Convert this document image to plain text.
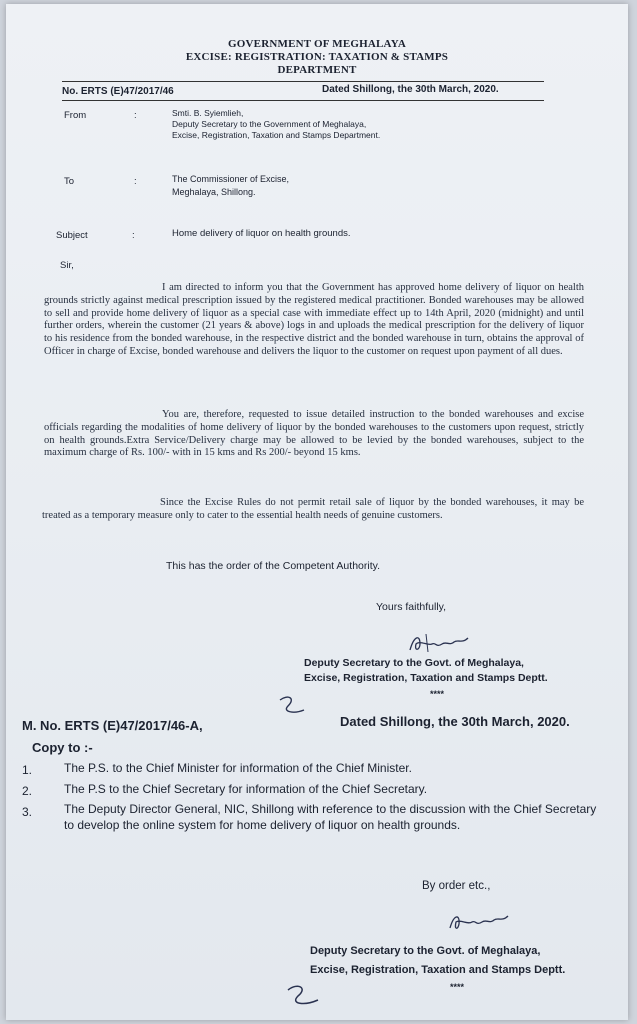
GOVERNMENT OF MEGHALAYA
EXCISE: REGISTRATION: TAXATION & STAMPS
DEPARTMENT
No. ERTS (E)47/2017/46	Dated Shillong, the 30th March, 2020.
From	:	Smti. B. Syiemlieh,
Deputy Secretary to the Government of Meghalaya,
Excise, Registration, Taxation and Stamps Department.
To	:	The Commissioner of Excise,
Meghalaya, Shillong.
Subject	:	Home delivery of liquor on health grounds.
Sir,
I am directed to inform you that the Government has approved home delivery of liquor on health grounds strictly against medical prescription issued by the registered medical practitioner. Bonded warehouses may be allowed to sell and provide home delivery of liquor as a special case with immediate effect up to 14th April, 2020 (midnight) and until further orders, wherein the customer (21 years & above) logs in and uploads the medical prescription for the delivery of liquor to his residence from the bonded warehouse, in the respective district and the bonded warehouse in turn, obtains the approval of Officer in charge of Excise, bonded warehouse and delivers the liquor to the customer on request upon payment of all dues.
You are, therefore, requested to issue detailed instruction to the bonded warehouses and excise officials regarding the modalities of home delivery of liquor by the bonded warehouses to the customers upon request, strictly on health grounds.Extra Service/Delivery charge may be allowed to be levied by the bonded warehouses, subject to the maximum charge of Rs. 100/- with in 15 kms and Rs 200/- beyond 15 kms.
Since the Excise Rules do not permit retail sale of liquor by the bonded warehouses, it may be treated as a temporary measure only to cater to the essential health needs of genuine customers.
This has the order of the Competent Authority.
Yours faithfully,
Deputy Secretary to the Govt. of Meghalaya,
Excise, Registration, Taxation and Stamps Deptt.
****
M. No. ERTS (E)47/2017/46-A,	Dated Shillong, the 30th March, 2020.
Copy to :-
1.	The P.S. to the Chief Minister for information of the Chief Minister.
2.	The P.S to the Chief Secretary for information of the Chief Secretary.
3.	The Deputy Director General, NIC, Shillong with reference to the discussion with the Chief Secretary to develop the online system for home delivery of liquor on health grounds.
By order etc.,
Deputy Secretary to the Govt. of Meghalaya,
Excise, Registration, Taxation and Stamps Deptt.
****
